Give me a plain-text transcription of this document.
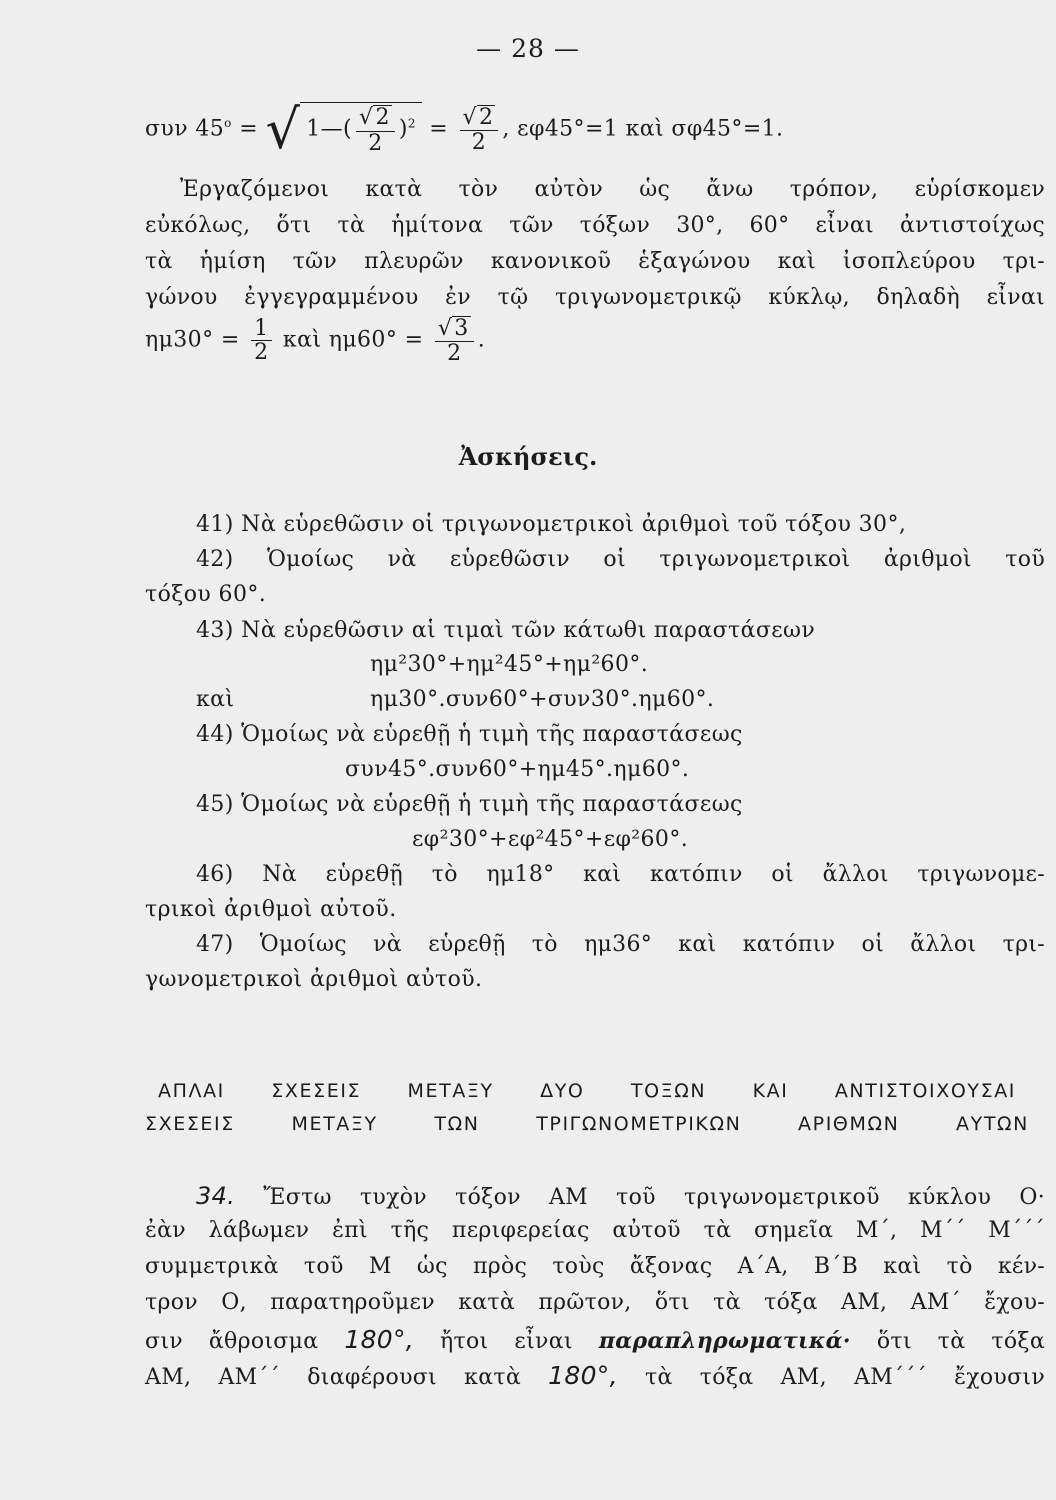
— 28 —
συν $45^o$ = √ 1—( $\frac{√2}{2} )^2 = \frac{√2}{2}$ , εφ45°=1 καὶ σφ45°=1.
Ἐργαζόμενοι κατὰ τὸν αὐτὸν ὡς ἄνω τρόπον, εὑρίσκομεν
εὐκόλως, ὅτι τὰ ἡμίτονα τῶν τόξων 30°, 60° εἶναι ἀντιστοίχως
τὰ ἡμίση τῶν πλευρῶν κανονικοῦ ἑξαγώνου καὶ ἰσοπλεύρου τρι-
γώνου ἐγγεγραμμένου ἐν τῷ τριγωνομετρικῷ κύκλῳ, δηλαδὴ εἶναι
$\eta\mu 30^\circ = \frac{1}{2}$ καὶ $\eta\mu 60^\circ = \frac{√3}{2}$ .
Ἀσκήσεις.
41) Νὰ εὑρεθῶσιν οἱ τριγωνομετρικοὶ ἀριθμοὶ τοῦ τόξου 30°,
42) Ὁμοίως νὰ εὑρεθῶσιν οἱ τριγωνομετρικοὶ ἀριθμοὶ τοῦ
τόξου 60°.
43) Νὰ εὑρεθῶσιν αἱ τιμαὶ τῶν κάτωθι παραστάσεων
ημ²30°+ημ²45°+ημ²60°.
καὶ	ημ30°.συν60°+συν30°.ημ60°.
44) Ὁμοίως νὰ εὑρεθῇ ἡ τιμὴ τῆς παραστάσεως
συν45°.συν60°+ημ45°.ημ60°.
45) Ὁμοίως νὰ εὑρεθῇ ἡ τιμὴ τῆς παραστάσεως
εφ²30°+εφ²45°+εφ²60°.
46) Νὰ εὑρεθῇ τὸ ημ18° καὶ κατόπιν οἱ ἄλλοι τριγωνομε-
τρικοὶ ἀριθμοὶ αὐτοῦ.
47) Ὁμοίως νὰ εὑρεθῇ τὸ ημ36° καὶ κατόπιν οἱ ἄλλοι τρι-
γωνομετρικοὶ ἀριθμοὶ αὐτοῦ.
ΑΠΛΑΙ ΣΧΕΣΕΙΣ ΜΕΤΑΞΥ ΔΥΟ ΤΟΞΩΝ ΚΑΙ ΑΝΤΙΣΤΟΙΧΟΥΣΑΙ
ΣΧΕΣΕΙΣ ΜΕΤΑΞΥ ΤΩΝ ΤΡΙΓΩΝΟΜΕΤΡΙΚΩΝ ΑΡΙΘΜΩΝ ΑΥΤΩΝ
34. Ἔστω τυχὸν τόξον ΑΜ τοῦ τριγωνομετρικοῦ κύκλου Ο·
ἐὰν λάβωμεν ἐπὶ τῆς περιφερείας αὐτοῦ τὰ σημεῖα Μ΄, Μ΄΄ Μ΄΄΄
συμμετρικὰ τοῦ Μ ὡς πρὸς τοὺς ἄξονας Α΄Α, Β΄Β καὶ τὸ κέν-
τρον Ο, παρατηροῦμεν κατὰ πρῶτον, ὅτι τὰ τόξα ΑΜ, ΑΜ΄ ἔχου-
σιν ἄθροισμα 180°, ἤτοι εἶναι παραπληρωματικά· ὅτι τὰ τόξα
ΑΜ, ΑΜ΄΄ διαφέρουσι κατὰ 180°, τὰ τόξα ΑΜ, ΑΜ΄΄΄ ἔχουσιν
